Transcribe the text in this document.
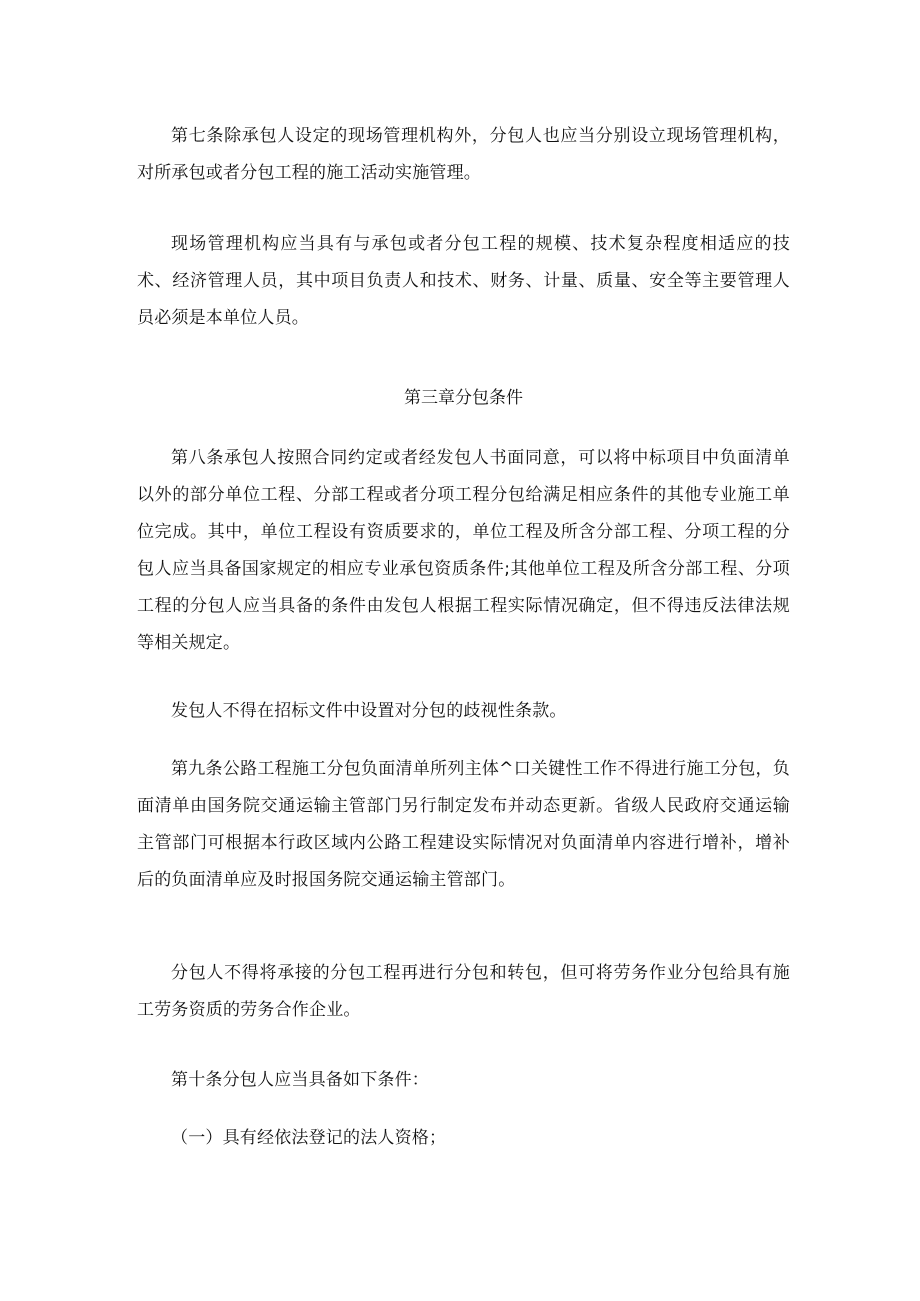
第七条除承包人设定的现场管理机构外，分包人也应当分别设立现场管理机构，对所承包或者分包工程的施工活动实施管理。

现场管理机构应当具有与承包或者分包工程的规模、技术复杂程度相适应的技术、经济管理人员，其中项目负责人和技术、财务、计量、质量、安全等主要管理人员必须是本单位人员。

第三章分包条件

第八条承包人按照合同约定或者经发包人书面同意，可以将中标项目中负面清单以外的部分单位工程、分部工程或者分项工程分包给满足相应条件的其他专业施工单位完成。其中，单位工程设有资质要求的，单位工程及所含分部工程、分项工程的分包人应当具备国家规定的相应专业承包资质条件;其他单位工程及所含分部工程、分项工程的分包人应当具备的条件由发包人根据工程实际情况确定，但不得违反法律法规等相关规定。

发包人不得在招标文件中设置对分包的歧视性条款。

第九条公路工程施工分包负面清单所列主体^口关键性工作不得进行施工分包，负面清单由国务院交通运输主管部门另行制定发布并动态更新。省级人民政府交通运输主管部门可根据本行政区域内公路工程建设实际情况对负面清单内容进行增补，增补后的负面清单应及时报国务院交通运输主管部门。

分包人不得将承接的分包工程再进行分包和转包，但可将劳务作业分包给具有施工劳务资质的劳务合作企业。

第十条分包人应当具备如下条件：

（一）具有经依法登记的法人资格；
